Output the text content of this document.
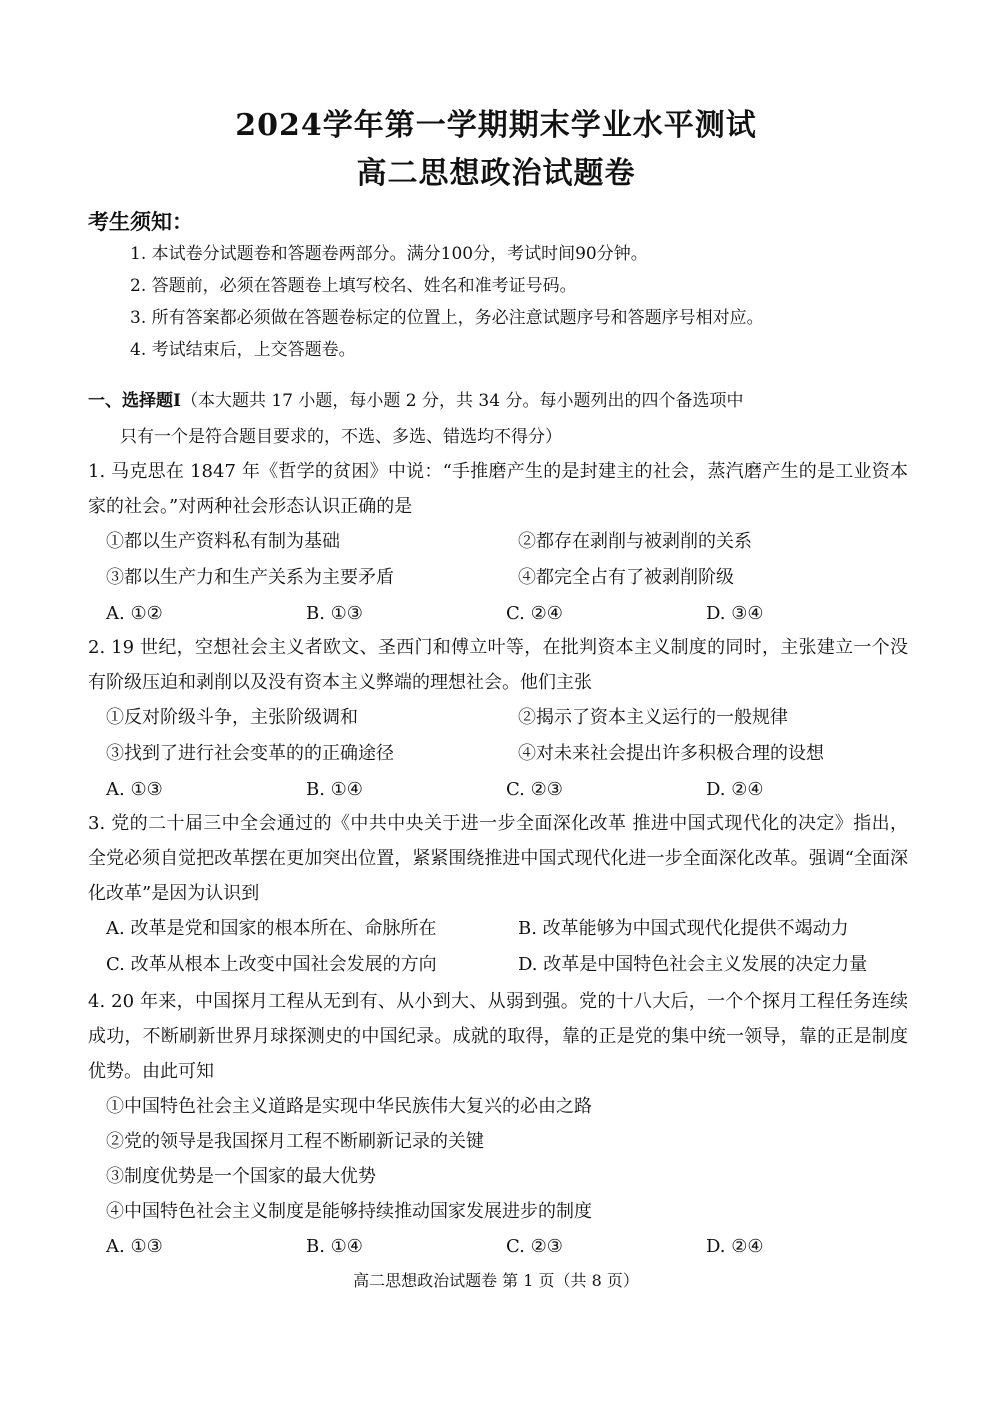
2024学年第一学期期末学业水平测试
高二思想政治试题卷
考生须知：
1. 本试卷分试题卷和答题卷两部分。满分100分，考试时间90分钟。
2. 答题前，必须在答题卷上填写校名、姓名和准考证号码。
3. 所有答案都必须做在答题卷标定的位置上，务必注意试题序号和答题序号相对应。
4. 考试结束后，上交答题卷。
一、选择题Ⅰ（本大题共 17 小题，每小题 2 分，共 34 分。每小题列出的四个备选项中
只有一个是符合题目要求的，不选、多选、错选均不得分）
1. 马克思在 1847 年《哲学的贫困》中说：“手推磨产生的是封建主的社会，蒸汽磨产生的是工业资本家的社会。”对两种社会形态认识正确的是
①都以生产资料私有制为基础	②都存在剥削与被剥削的关系
③都以生产力和生产关系为主要矛盾	④都完全占有了被剥削阶级
A. ①②	B. ①③	C. ②④	D. ③④
2. 19 世纪，空想社会主义者欧文、圣西门和傅立叶等，在批判资本主义制度的同时，主张建立一个没有阶级压迫和剥削以及没有资本主义弊端的理想社会。他们主张
①反对阶级斗争，主张阶级调和	②揭示了资本主义运行的一般规律
③找到了进行社会变革的的正确途径	④对未来社会提出许多积极合理的设想
A. ①③	B. ①④	C. ②③	D. ②④
3. 党的二十届三中全会通过的《中共中央关于进一步全面深化改革 推进中国式现代化的决定》指出，全党必须自觉把改革摆在更加突出位置，紧紧围绕推进中国式现代化进一步全面深化改革。强调“全面深化改革”是因为认识到
A. 改革是党和国家的根本所在、命脉所在	B. 改革能够为中国式现代化提供不竭动力
C. 改革从根本上改变中国社会发展的方向	D. 改革是中国特色社会主义发展的决定力量
4. 20 年来，中国探月工程从无到有、从小到大、从弱到强。党的十八大后，一个个探月工程任务连续成功，不断刷新世界月球探测史的中国纪录。成就的取得，靠的正是党的集中统一领导，靠的正是制度优势。由此可知
①中国特色社会主义道路是实现中华民族伟大复兴的必由之路
②党的领导是我国探月工程不断刷新记录的关键
③制度优势是一个国家的最大优势
④中国特色社会主义制度是能够持续推动国家发展进步的制度
A. ①③	B. ①④	C. ②③	D. ②④
高二思想政治试题卷 第 1 页（共 8 页）
